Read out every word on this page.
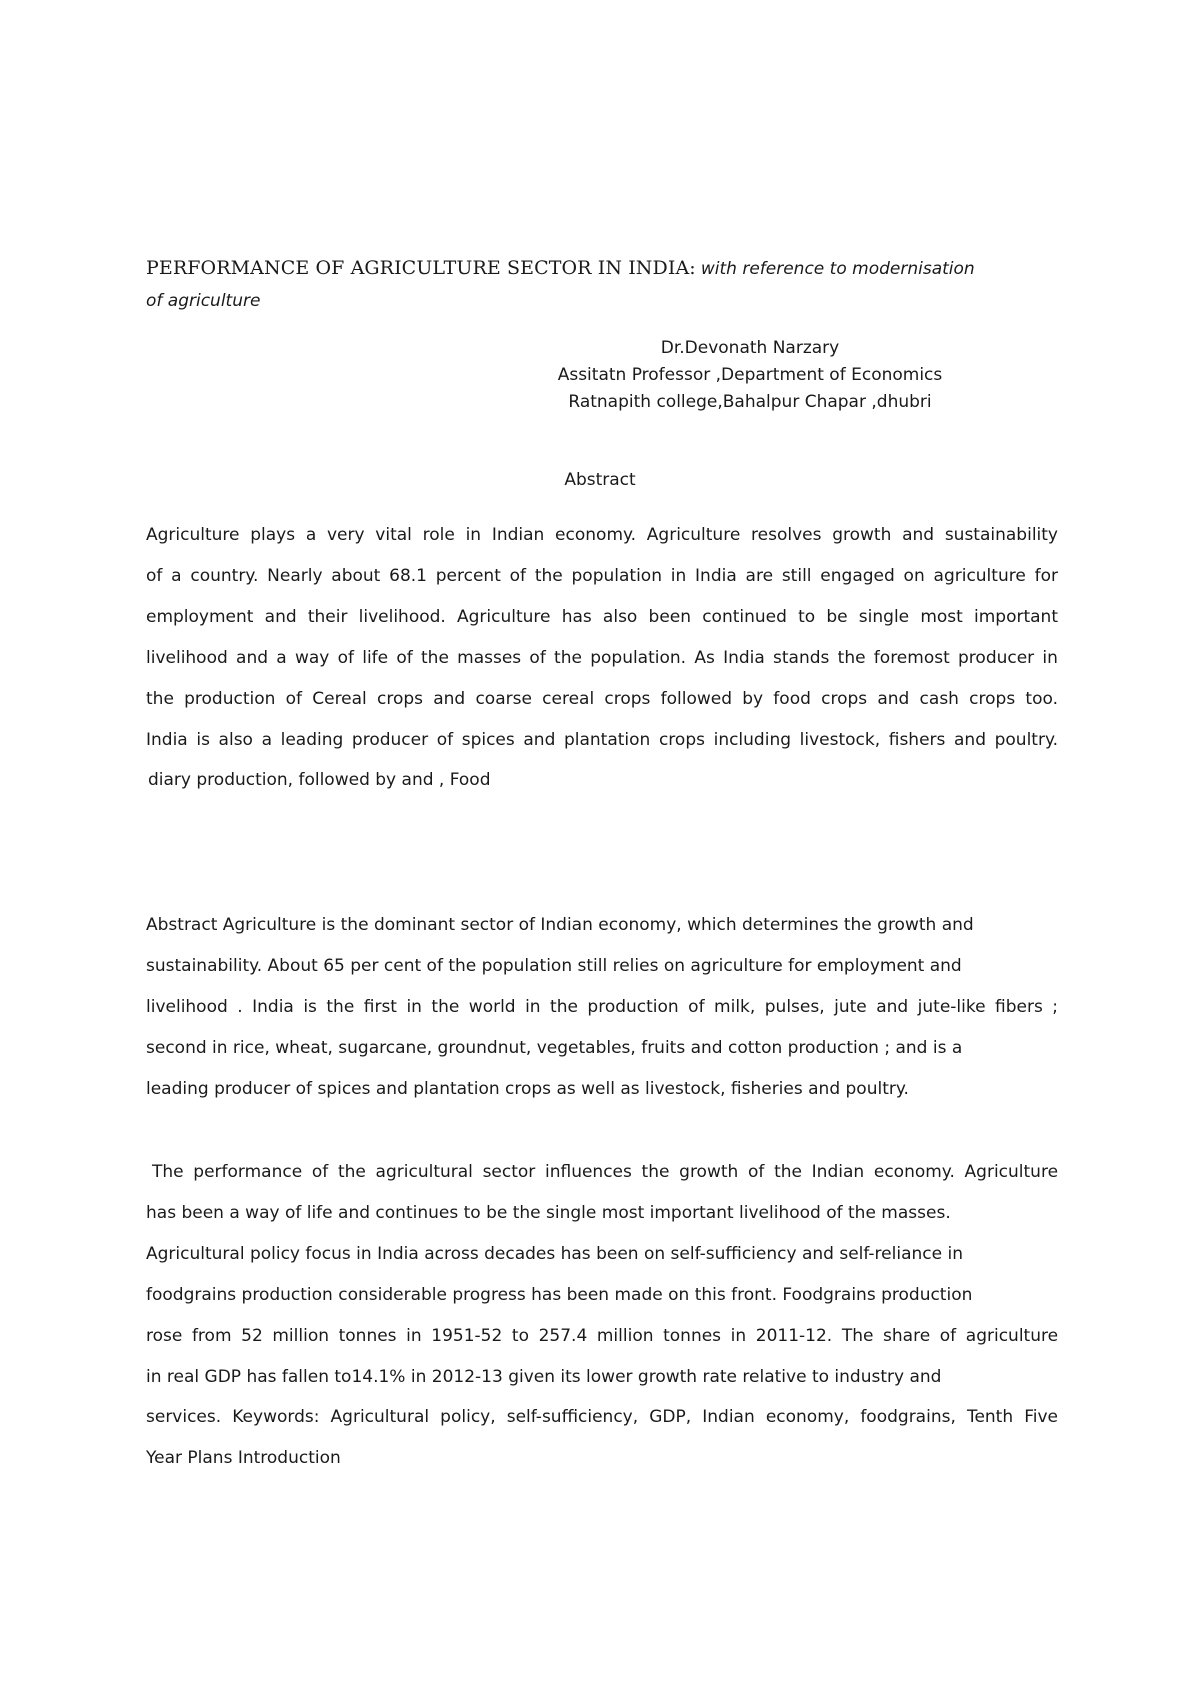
PERFORMANCE OF AGRICULTURE SECTOR IN INDIA: with reference to modernisation
of agriculture
Dr.Devonath Narzary
Assitatn Professor ,Department of Economics
Ratnapith college,Bahalpur Chapar ,dhubri
Abstract
Agriculture plays a very vital role in Indian economy. Agriculture resolves growth and sustainability
of a country. Nearly about 68.1 percent of the population in India are still engaged on agriculture for
employment and their livelihood. Agriculture has also been continued to be single most important
livelihood and a way of life of the masses of the population. As India stands the foremost producer in
the production of Cereal crops and coarse cereal crops followed by food crops and cash crops too.
India is also a leading producer of spices and plantation crops including livestock, fishers and poultry.
diary production, followed by and , Food
Abstract Agriculture is the dominant sector of Indian economy, which determines the growth and
sustainability. About 65 per cent of the population still relies on agriculture for employment and
livelihood . India is the first in the world in the production of milk, pulses, jute and jute-like fibers ;
second in rice, wheat, sugarcane, groundnut, vegetables, fruits and cotton production ; and is a
leading producer of spices and plantation crops as well as livestock, fisheries and poultry.
The performance of the agricultural sector influences the growth of the Indian economy. Agriculture
has been a way of life and continues to be the single most important livelihood of the masses.
Agricultural policy focus in India across decades has been on self-sufficiency and self-reliance in
foodgrains production considerable progress has been made on this front. Foodgrains production
rose from 52 million tonnes in 1951-52 to 257.4 million tonnes in 2011-12. The share of agriculture
in real GDP has fallen to14.1% in 2012-13 given its lower growth rate relative to industry and
services. Keywords: Agricultural policy, self-sufficiency, GDP, Indian economy, foodgrains, Tenth Five
Year Plans Introduction
